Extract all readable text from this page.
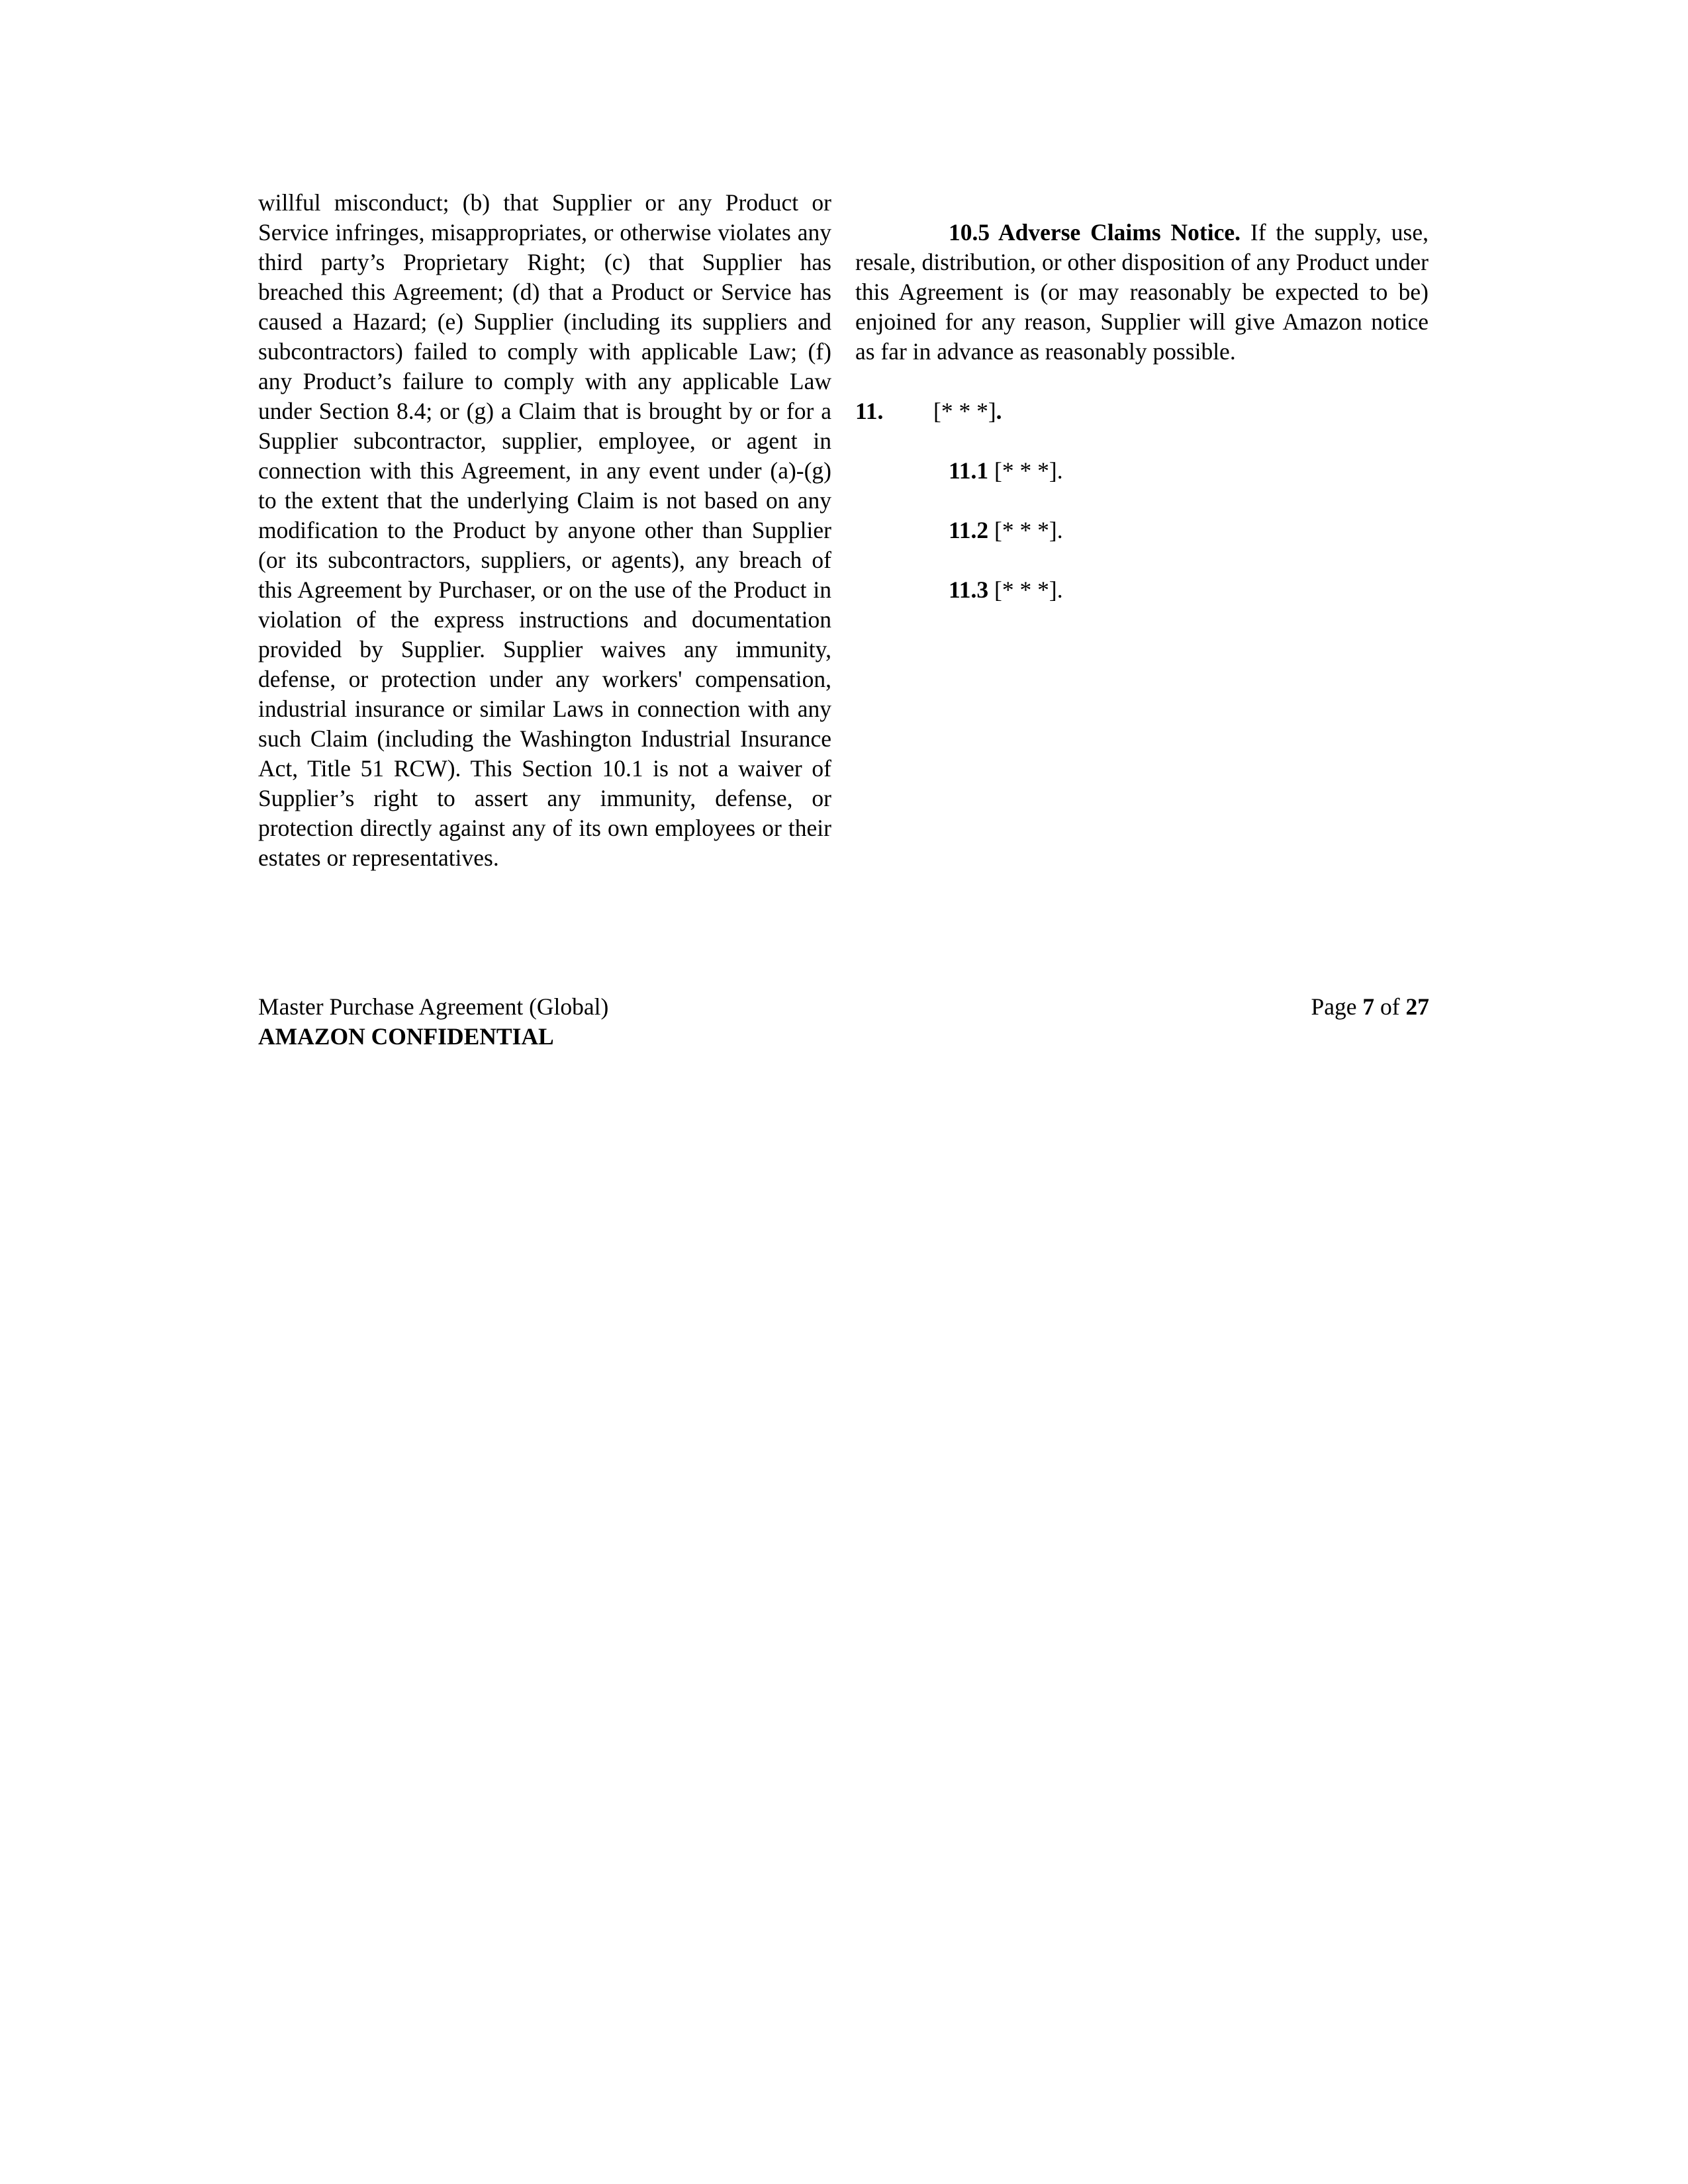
willful misconduct; (b) that Supplier or any Product or Service infringes, misappropriates, or otherwise violates any third party’s Proprietary Right; (c) that Supplier has breached this Agreement; (d) that a Product or Service has caused a Hazard; (e) Supplier (including its suppliers and subcontractors) failed to comply with applicable Law; (f) any Product’s failure to comply with any applicable Law under Section 8.4; or (g) a Claim that is brought by or for a Supplier subcontractor, supplier, employee, or agent in connection with this Agreement, in any event under (a)-(g) to the extent that the underlying Claim is not based on any modification to the Product by anyone other than Supplier (or its subcontractors, suppliers, or agents), any breach of this Agreement by Purchaser, or on the use of the Product in violation of the express instructions and documentation provided by Supplier. Supplier waives any immunity, defense, or protection under any workers' compensation, industrial insurance or similar Laws in connection with any such Claim (including the Washington Industrial Insurance Act, Title 51 RCW). This Section 10.1 is not a waiver of Supplier’s right to assert any immunity, defense, or protection directly against any of its own employees or their estates or representatives.

10.5 Adverse Claims Notice. If the supply, use, resale, distribution, or other disposition of any Product under this Agreement is (or may reasonably be expected to be) enjoined for any reason, Supplier will give Amazon notice as far in advance as reasonably possible.

11. [* * *].

11.1 [* * *].

11.2 [* * *].

11.3 [* * *].

Master Purchase Agreement (Global)
AMAZON CONFIDENTIAL
Page 7 of 27
